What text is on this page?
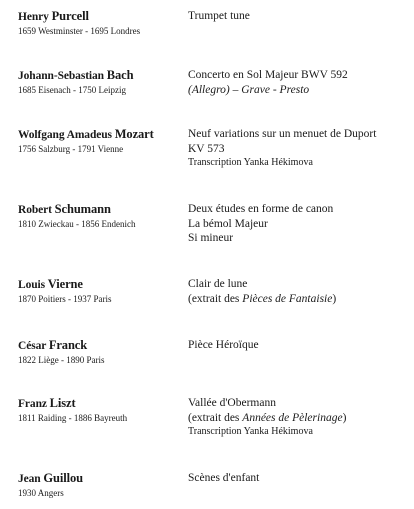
Henry Purcell
1659 Westminster - 1695 Londres
Trumpet tune
Johann-Sebastian Bach
1685 Eisenach - 1750 Leipzig
Concerto en Sol Majeur BWV 592
(Allegro) – Grave - Presto
Wolfgang Amadeus Mozart
1756 Salzburg - 1791 Vienne
Neuf variations sur un menuet de Duport
KV 573
Transcription Yanka Hékimova
Robert Schumann
1810 Zwieckau - 1856 Endenich
Deux études en forme de canon
La bémol Majeur
Si mineur
Louis Vierne
1870 Poitiers - 1937 Paris
Clair de lune
(extrait des Pièces de Fantaisie)
César Franck
1822 Liège - 1890 Paris
Pièce Héroïque
Franz Liszt
1811 Raiding - 1886 Bayreuth
Vallée d'Obermann
(extrait des Années de Pèlerinage)
Transcription Yanka Hékimova
Jean Guillou
1930 Angers
Scènes d'enfant
